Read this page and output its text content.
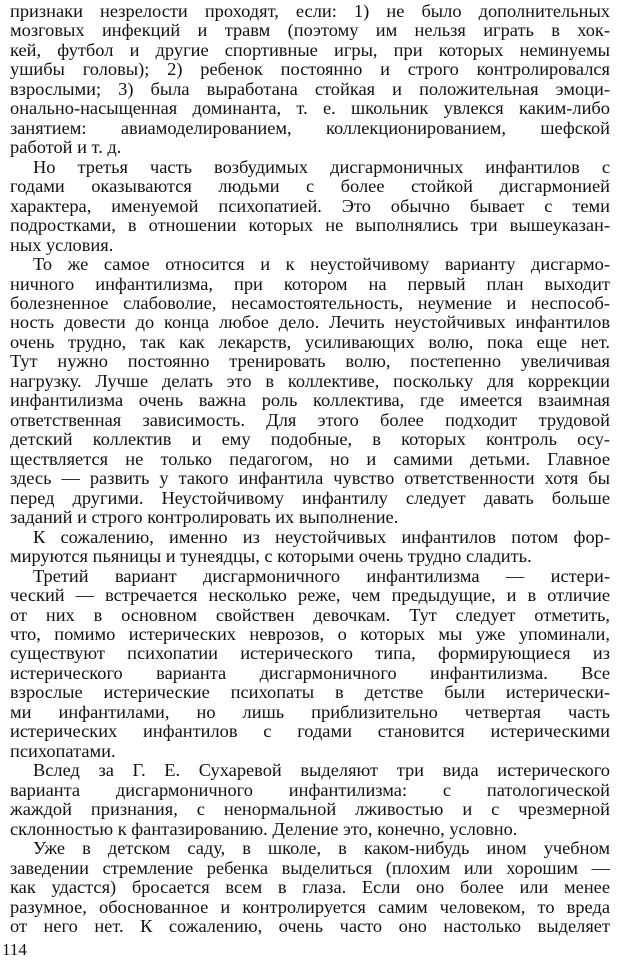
признаки незрелости проходят, если: 1) не было дополнительных
мозговых инфекций и травм (поэтому им нельзя играть в хок-
кей, футбол и другие спортивные игры, при которых неминуемы
ушибы головы); 2) ребенок постоянно и строго контролировался
взрослыми; 3) была выработана стойкая и положительная эмоци-
онально-насыщенная доминанта, т. е. школьник увлекся каким-либо
занятием: авиамоделированием, коллекционированием, шефской
работой и т. д.
Но третья часть возбудимых дисгармоничных инфантилов с
годами оказываются людьми с более стойкой дисгармонией
характера, именуемой психопатией. Это обычно бывает с теми
подростками, в отношении которых не выполнялись три вышеуказан-
ных условия.
То же самое относится и к неустойчивому варианту дисгармо-
ничного инфантилизма, при котором на первый план выходит
болезненное слабоволие, несамостоятельность, неумение и неспособ-
ность довести до конца любое дело. Лечить неустойчивых инфантилов
очень трудно, так как лекарств, усиливающих волю, пока еще нет.
Тут нужно постоянно тренировать волю, постепенно увеличивая
нагрузку. Лучше делать это в коллективе, поскольку для коррекции
инфантилизма очень важна роль коллектива, где имеется взаимная
ответственная зависимость. Для этого более подходит трудовой
детский коллектив и ему подобные, в которых контроль осу-
ществляется не только педагогом, но и самими детьми. Главное
здесь — развить у такого инфантила чувство ответственности хотя бы
перед другими. Неустойчивому инфантилу следует давать больше
заданий и строго контролировать их выполнение.
К сожалению, именно из неустойчивых инфантилов потом фор-
мируются пьяницы и тунеядцы, с которыми очень трудно сладить.
Третий вариант дисгармоничного инфантилизма — истери-
ческий — встречается несколько реже, чем предыдущие, и в отличие
от них в основном свойствен девочкам. Тут следует отметить,
что, помимо истерических неврозов, о которых мы уже упоминали,
существуют психопатии истерического типа, формирующиеся из
истерического варианта дисгармоничного инфантилизма. Все
взрослые истерические психопаты в детстве были истерически-
ми инфантилами, но лишь приблизительно четвертая часть
истерических инфантилов с годами становится истерическими
психопатами.
Вслед за Г. Е. Сухаревой выделяют три вида истерического
варианта дисгармоничного инфантилизма: с патологической
жаждой признания, с ненормальной лживостью и с чрезмерной
склонностью к фантазированию. Деление это, конечно, условно.
Уже в детском саду, в школе, в каком-нибудь ином учебном
заведении стремление ребенка выделиться (плохим или хорошим —
как удастся) бросается всем в глаза. Если оно более или менее
разумное, обоснованное и контролируется самим человеком, то вреда
от него нет. К сожалению, очень часто оно настолько выделяет
114
